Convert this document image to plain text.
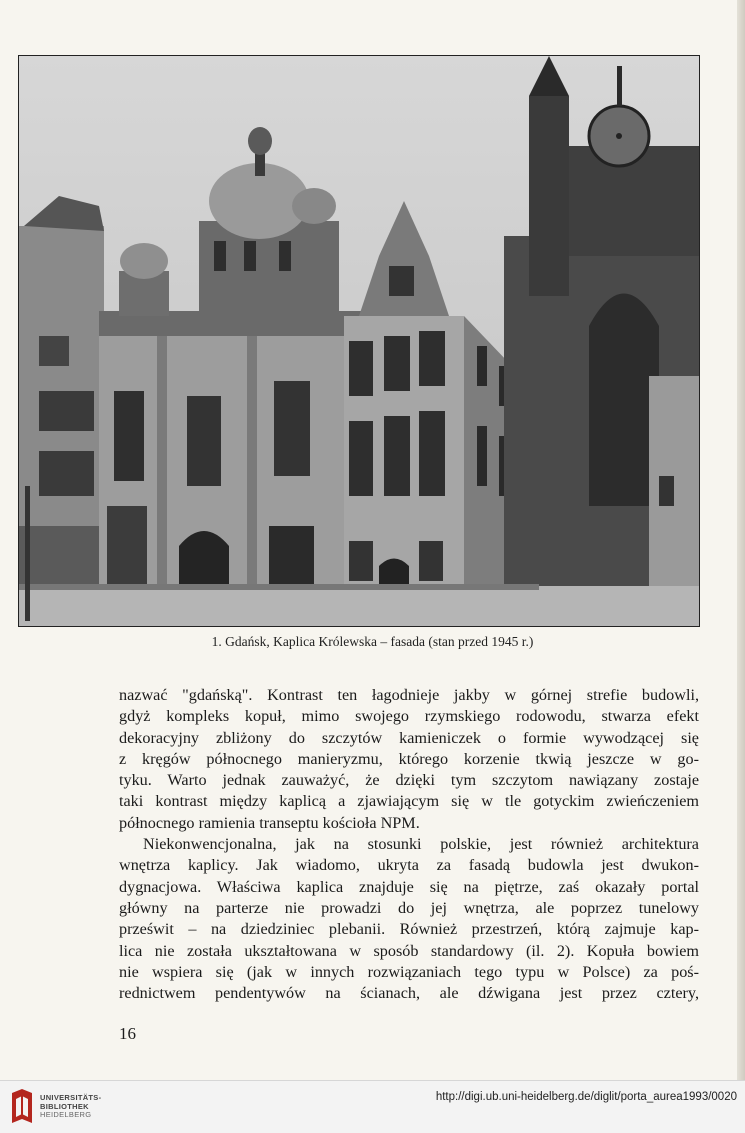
1. Gdańsk, Kaplica Królewska – fasada (stan przed 1945 r.)
nazwać "gdańską". Kontrast ten łagodnieje jakby w górnej strefie budowli,
gdyż kompleks kopuł, mimo swojego rzymskiego rodowodu, stwarza efekt
dekoracyjny zbliżony do szczytów kamieniczek o formie wywodzącej się
z kręgów północnego manieryzmu, którego korzenie tkwią jeszcze w go-
tyku. Warto jednak zauważyć, że dzięki tym szczytom nawiązany zostaje
taki kontrast między kaplicą a zjawiającym się w tle gotyckim zwieńczeniem
północnego ramienia transeptu kościoła NPM.
Niekonwencjonalna, jak na stosunki polskie, jest również architektura
wnętrza kaplicy. Jak wiadomo, ukryta za fasadą budowla jest dwukon-
dygnacjowa. Właściwa kaplica znajduje się na piętrze, zaś okazały portal
główny na parterze nie prowadzi do jej wnętrza, ale poprzez tunelowy
prześwit – na dziedziniec plebanii. Również przestrzeń, którą zajmuje kap-
lica nie została ukształtowana w sposób standardowy (il. 2). Kopuła bowiem
nie wspiera się (jak w innych rozwiązaniach tego typu w Polsce) za poś-
rednictwem pendentywów na ścianach, ale dźwigana jest przez cztery,
16
UNIVERSITÄTS-
BIBLIOTHEK
HEIDELBERG
http://digi.ub.uni-heidelberg.de/diglit/porta_aurea1993/0020
